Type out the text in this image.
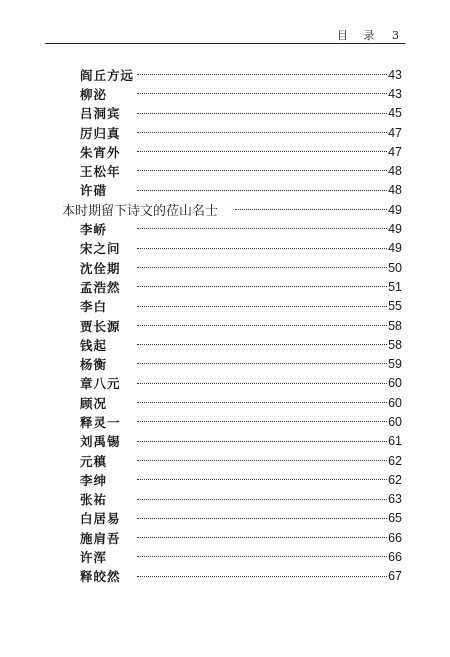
目 录 3
阎丘方远	43
柳泌	43
吕洞宾	45
厉归真	47
朱宵外	47
王松年	48
许碏	48
本时期留下诗文的莅山名士	49
李峤	49
宋之问	49
沈佺期	50
孟浩然	51
李白	55
贾长源	58
钱起	58
杨衡	59
章八元	60
顾况	60
释灵一	60
刘禹锡	61
元稹	62
李绅	62
张祐	63
白居易	65
施肩吾	66
许浑	66
释皎然	67
